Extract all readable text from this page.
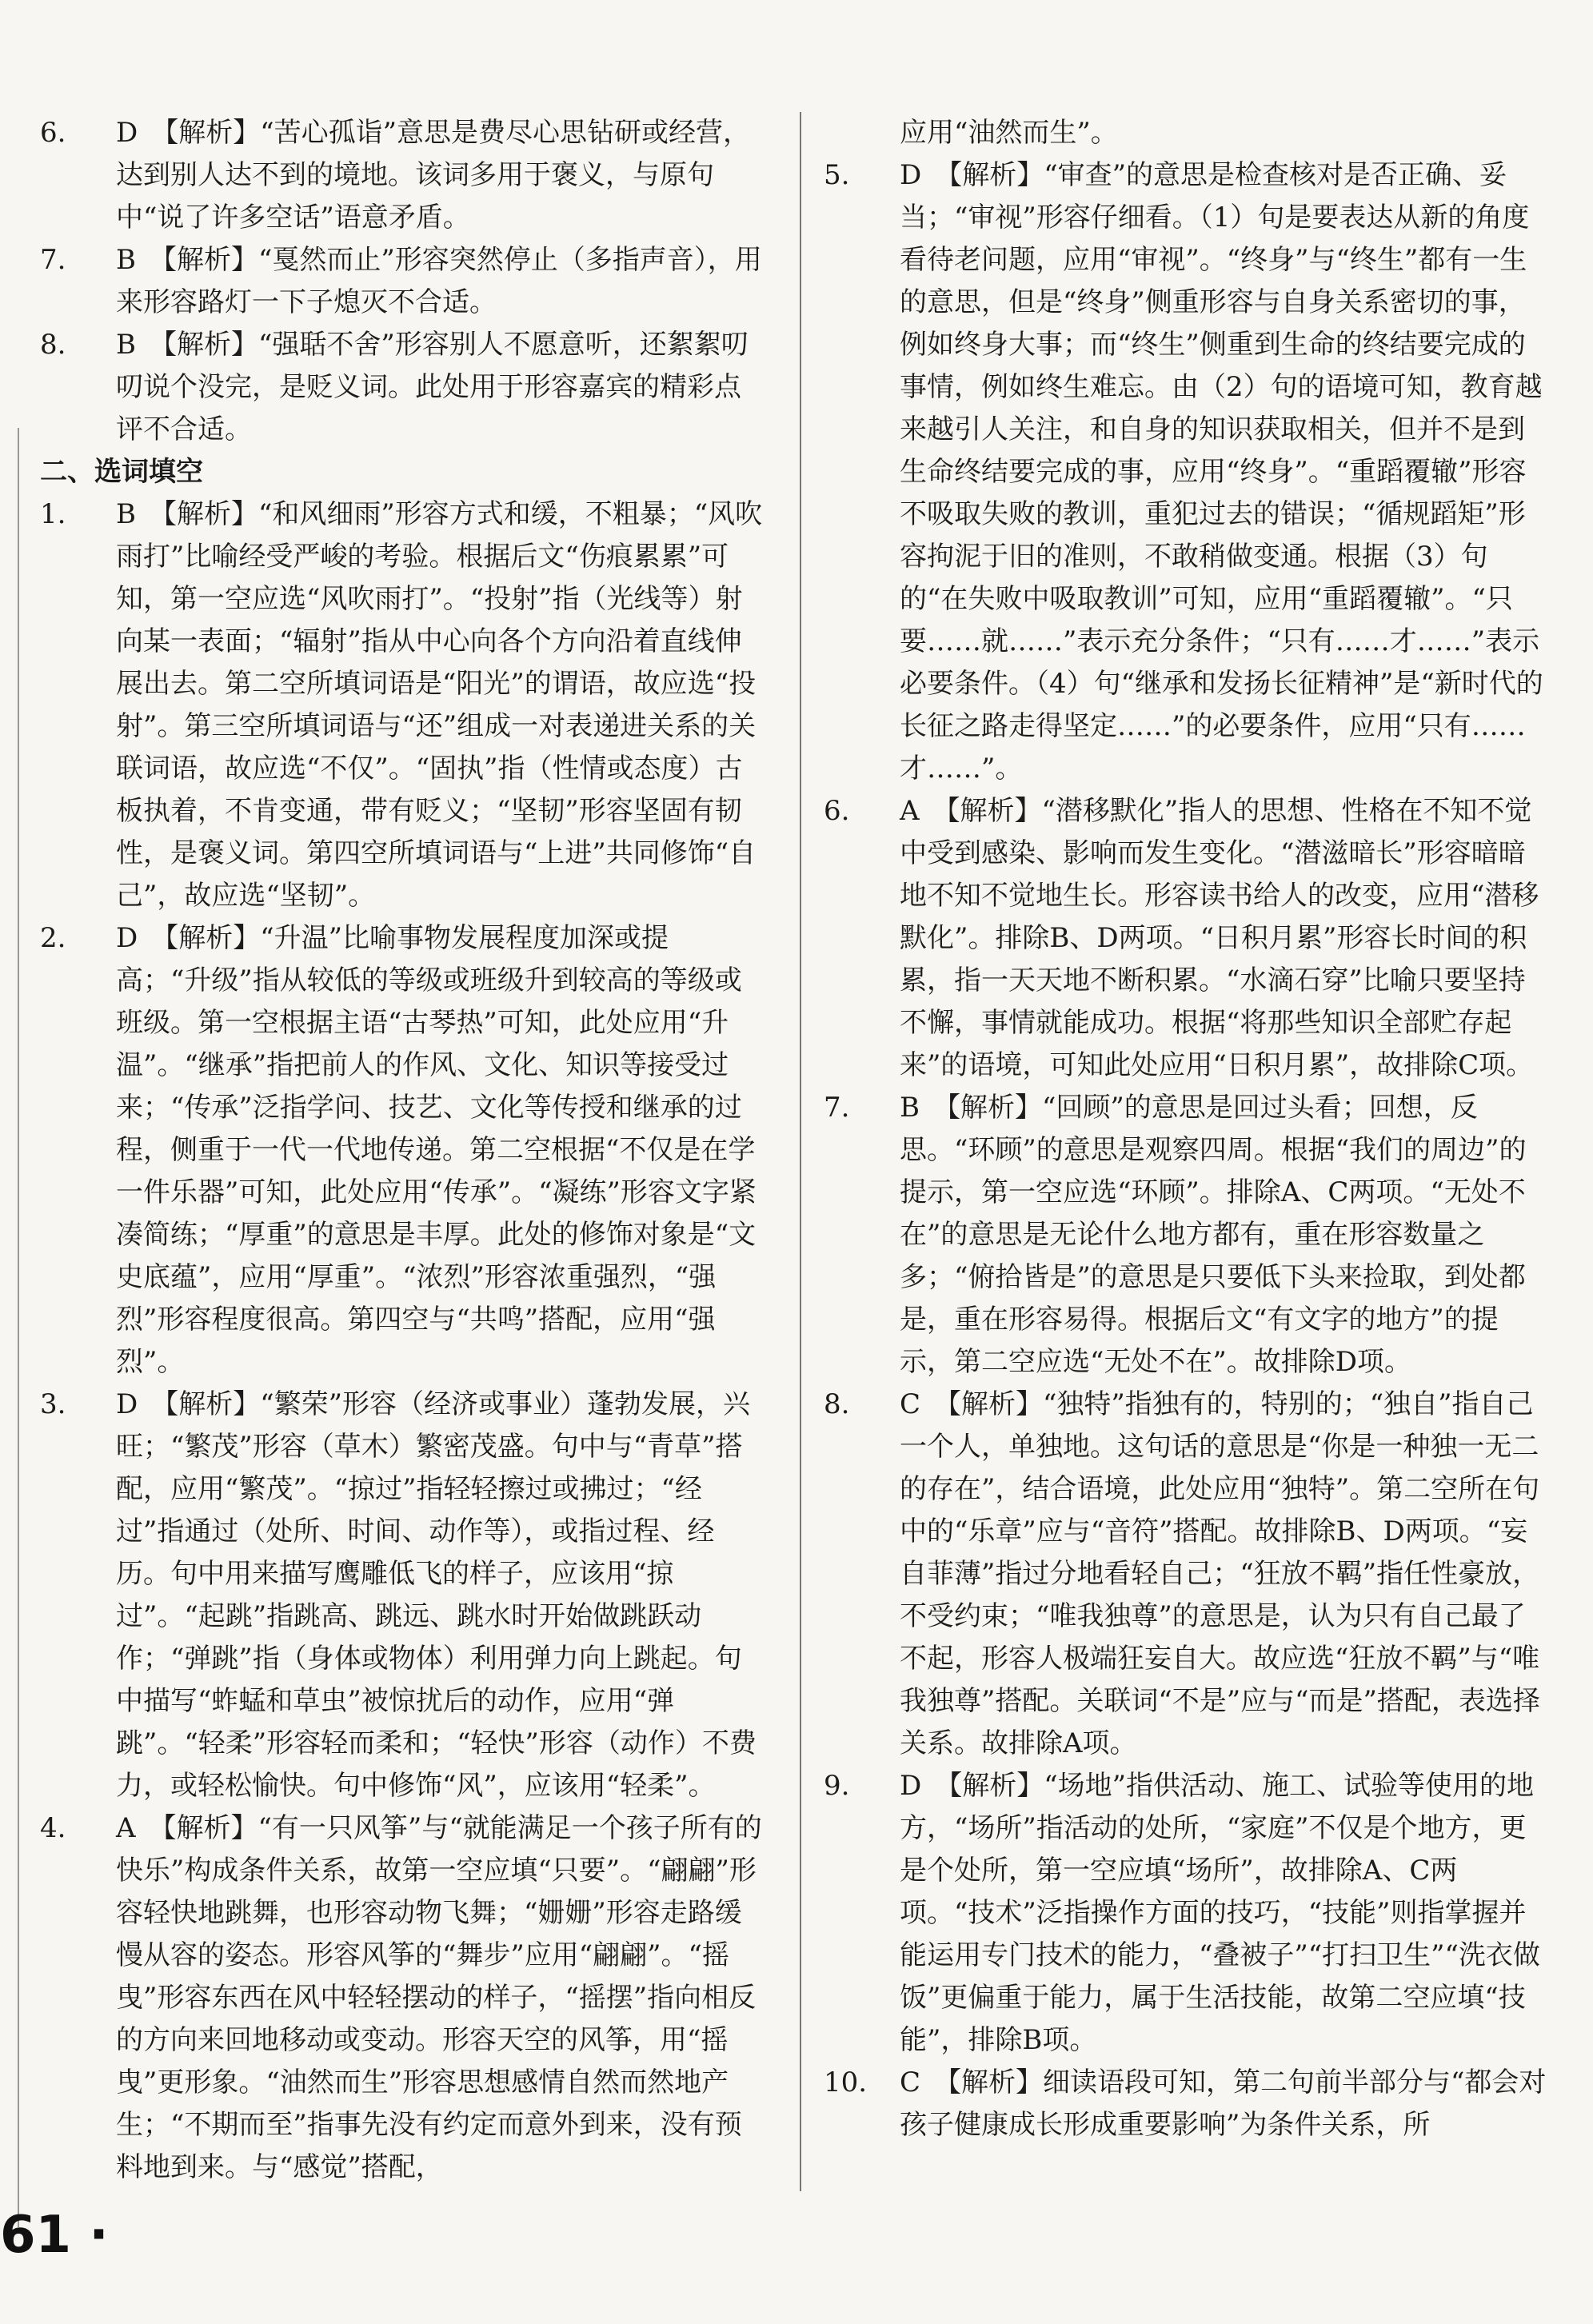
6. D　【解析】“苦心孤诣”意思是费尽心思钻研或经营，达到别人达不到的境地。该词多用于褒义，与原句中“说了许多空话”语意矛盾。
7. B　【解析】“戛然而止”形容突然停止（多指声音），用来形容路灯一下子熄灭不合适。
8. B　【解析】“强聒不舍”形容别人不愿意听，还絮絮叨叨说个没完，是贬义词。此处用于形容嘉宾的精彩点评不合适。

二、选词填空

1. B　【解析】“和风细雨”形容方式和缓，不粗暴；“风吹雨打”比喻经受严峻的考验。根据后文“伤痕累累”可知，第一空应选“风吹雨打”。“投射”指（光线等）射向某一表面；“辐射”指从中心向各个方向沿着直线伸展出去。第二空所填词语是“阳光”的谓语，故应选“投射”。第三空所填词语与“还”组成一对表递进关系的关联词语，故应选“不仅”。“固执”指（性情或态度）古板执着，不肯变通，带有贬义；“坚韧”形容坚固有韧性，是褒义词。第四空所填词语与“上进”共同修饰“自己”，故应选“坚韧”。
2. D　【解析】“升温”比喻事物发展程度加深或提高；“升级”指从较低的等级或班级升到较高的等级或班级。第一空根据主语“古琴热”可知，此处应用“升温”。“继承”指把前人的作风、文化、知识等接受过来；“传承”泛指学问、技艺、文化等传授和继承的过程，侧重于一代一代地传递。第二空根据“不仅是在学一件乐器”可知，此处应用“传承”。“凝练”形容文字紧凑简练；“厚重”的意思是丰厚。此处的修饰对象是“文史底蕴”，应用“厚重”。“浓烈”形容浓重强烈，“强烈”形容程度很高。第四空与“共鸣”搭配，应用“强烈”。
3. D　【解析】“繁荣”形容（经济或事业）蓬勃发展，兴旺；“繁茂”形容（草木）繁密茂盛。句中与“青草”搭配，应用“繁茂”。“掠过”指轻轻擦过或拂过；“经过”指通过（处所、时间、动作等），或指过程、经历。句中用来描写鹰雕低飞的样子，应该用“掠过”。“起跳”指跳高、跳远、跳水时开始做跳跃动作；“弹跳”指（身体或物体）利用弹力向上跳起。句中描写“蚱蜢和草虫”被惊扰后的动作，应用“弹跳”。“轻柔”形容轻而柔和；“轻快”形容（动作）不费力，或轻松愉快。句中修饰“风”，应该用“轻柔”。
4. A　【解析】“有一只风筝”与“就能满足一个孩子所有的快乐”构成条件关系，故第一空应填“只要”。“翩翩”形容轻快地跳舞，也形容动物飞舞；“姗姗”形容走路缓慢从容的姿态。形容风筝的“舞步”应用“翩翩”。“摇曳”形容东西在风中轻轻摆动的样子，“摇摆”指向相反的方向来回地移动或变动。形容天空的风筝，用“摇曳”更形象。“油然而生”形容思想感情自然而然地产生；“不期而至”指事先没有约定而意外到来，没有预料地到来。与“感觉”搭配，

应用“油然而生”。

5. D　【解析】“审查”的意思是检查核对是否正确、妥当；“审视”形容仔细看。（1）句是要表达从新的角度看待老问题，应用“审视”。“终身”与“终生”都有一生的意思，但是“终身”侧重形容与自身关系密切的事，例如终身大事；而“终生”侧重到生命的终结要完成的事情，例如终生难忘。由（2）句的语境可知，教育越来越引人关注，和自身的知识获取相关，但并不是到生命终结要完成的事，应用“终身”。“重蹈覆辙”形容不吸取失败的教训，重犯过去的错误；“循规蹈矩”形容拘泥于旧的准则，不敢稍做变通。根据（3）句的“在失败中吸取教训”可知，应用“重蹈覆辙”。“只要……就……”表示充分条件；“只有……才……”表示必要条件。（4）句“继承和发扬长征精神”是“新时代的长征之路走得坚定……”的必要条件，应用“只有……才……”。
6. A　【解析】“潜移默化”指人的思想、性格在不知不觉中受到感染、影响而发生变化。“潜滋暗长”形容暗暗地不知不觉地生长。形容读书给人的改变，应用“潜移默化”。排除B、D两项。“日积月累”形容长时间的积累，指一天天地不断积累。“水滴石穿”比喻只要坚持不懈，事情就能成功。根据“将那些知识全部贮存起来”的语境，可知此处应用“日积月累”，故排除C项。
7. B　【解析】“回顾”的意思是回过头看；回想，反思。“环顾”的意思是观察四周。根据“我们的周边”的提示，第一空应选“环顾”。排除A、C两项。“无处不在”的意思是无论什么地方都有，重在形容数量之多；“俯拾皆是”的意思是只要低下头来捡取，到处都是，重在形容易得。根据后文“有文字的地方”的提示，第二空应选“无处不在”。故排除D项。
8. C　【解析】“独特”指独有的，特别的；“独自”指自己一个人，单独地。这句话的意思是“你是一种独一无二的存在”，结合语境，此处应用“独特”。第二空所在句中的“乐章”应与“音符”搭配。故排除B、D两项。“妄自菲薄”指过分地看轻自己；“狂放不羁”指任性豪放，不受约束；“唯我独尊”的意思是，认为只有自己最了不起，形容人极端狂妄自大。故应选“狂放不羁”与“唯我独尊”搭配。关联词“不是”应与“而是”搭配，表选择关系。故排除A项。
9. D　【解析】“场地”指供活动、施工、试验等使用的地方，“场所”指活动的处所，“家庭”不仅是个地方，更是个处所，第一空应填“场所”，故排除A、C两项。“技术”泛指操作方面的技巧，“技能”则指掌握并能运用专门技术的能力，“叠被子”“打扫卫生”“洗衣做饭”更偏重于能力，属于生活技能，故第二空应填“技能”，排除B项。
10. C　【解析】细读语段可知，第二句前半部分与“都会对孩子健康成长形成重要影响”为条件关系，所
61 ·
